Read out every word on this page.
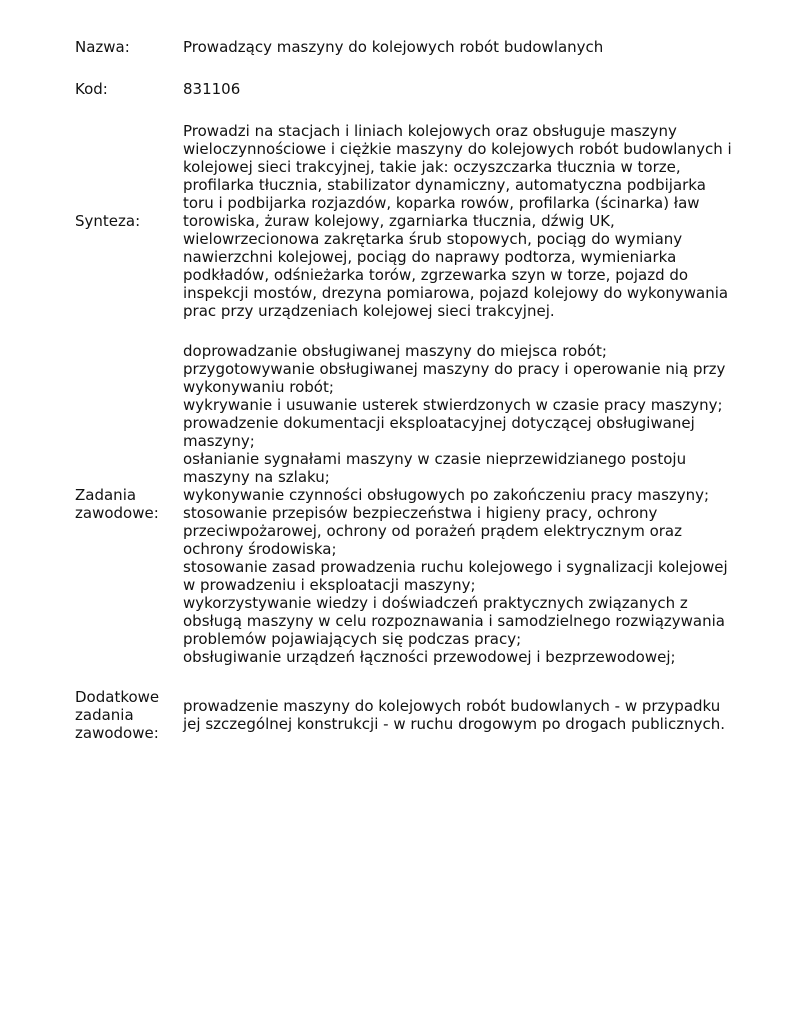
Nazwa:	Prowadzący maszyny do kolejowych robót budowlanych
Kod:	831106
Synteza:
Prowadzi na stacjach i liniach kolejowych oraz obsługuje maszyny
wieloczynnościowe i ciężkie maszyny do kolejowych robót budowlanych i
kolejowej sieci trakcyjnej, takie jak: oczyszczarka tłucznia w torze,
profilarka tłucznia, stabilizator dynamiczny, automatyczna podbijarka
toru i podbijarka rozjazdów, koparka rowów, profilarka (ścinarka) ław
torowiska, żuraw kolejowy, zgarniarka tłucznia, dźwig UK,
wielowrzecionowa zakrętarka śrub stopowych, pociąg do wymiany
nawierzchni kolejowej, pociąg do naprawy podtorza, wymieniarka
podkładów, odśnieżarka torów, zgrzewarka szyn w torze, pojazd do
inspekcji mostów, drezyna pomiarowa, pojazd kolejowy do wykonywania
prac przy urządzeniach kolejowej sieci trakcyjnej.
Zadania
zawodowe:
doprowadzanie obsługiwanej maszyny do miejsca robót;
przygotowywanie obsługiwanej maszyny do pracy i operowanie nią przy
wykonywaniu robót;
wykrywanie i usuwanie usterek stwierdzonych w czasie pracy maszyny;
prowadzenie dokumentacji eksploatacyjnej dotyczącej obsługiwanej
maszyny;
osłanianie sygnałami maszyny w czasie nieprzewidzianego postoju
maszyny na szlaku;
wykonywanie czynności obsługowych po zakończeniu pracy maszyny;
stosowanie przepisów bezpieczeństwa i higieny pracy, ochrony
przeciwpożarowej, ochrony od porażeń prądem elektrycznym oraz
ochrony środowiska;
stosowanie zasad prowadzenia ruchu kolejowego i sygnalizacji kolejowej
w prowadzeniu i eksploatacji maszyny;
wykorzystywanie wiedzy i doświadczeń praktycznych związanych z
obsługą maszyny w celu rozpoznawania i samodzielnego rozwiązywania
problemów pojawiających się podczas pracy;
obsługiwanie urządzeń łączności przewodowej i bezprzewodowej;
Dodatkowe
zadania
zawodowe:
prowadzenie maszyny do kolejowych robót budowlanych - w przypadku
jej szczególnej konstrukcji - w ruchu drogowym po drogach publicznych.
